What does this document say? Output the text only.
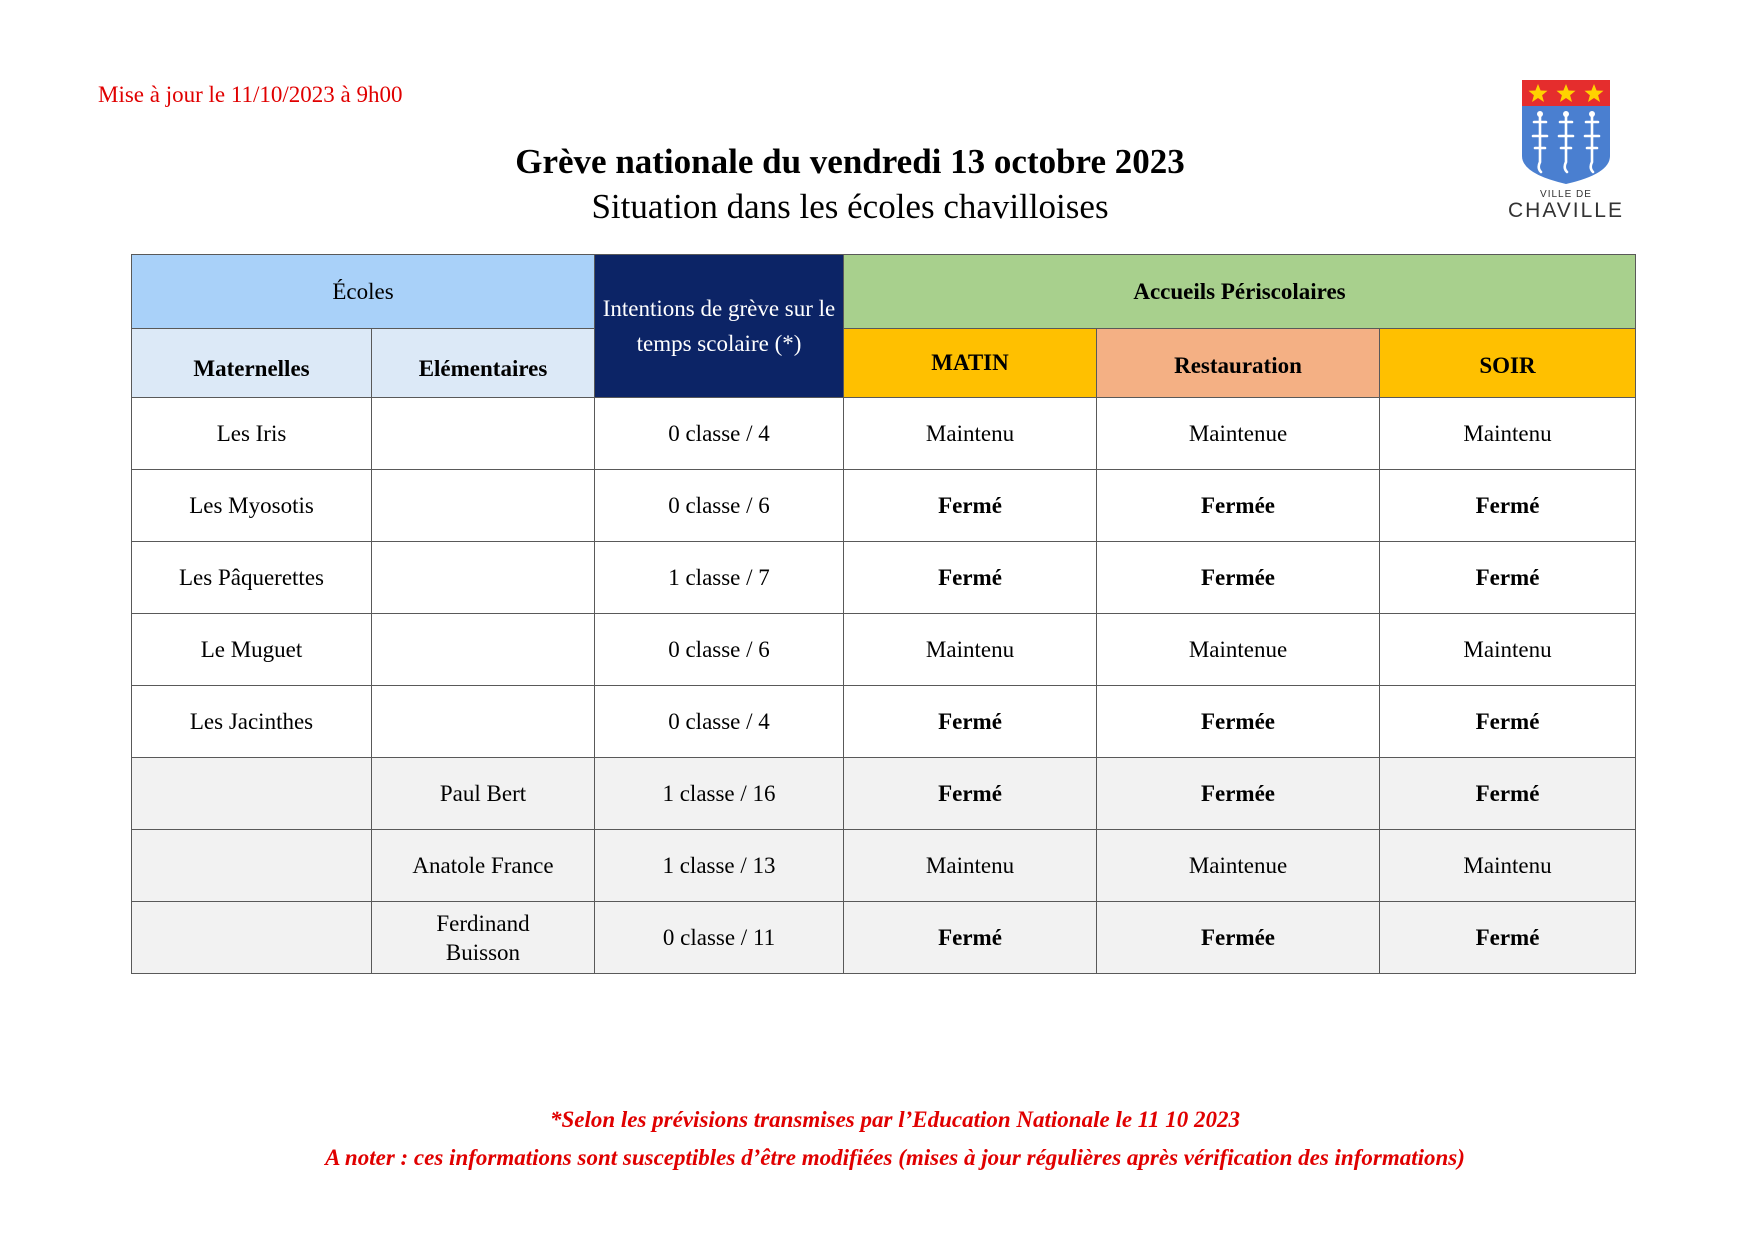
Mise à jour le 11/10/2023 à 9h00
Grève nationale du vendredi 13 octobre 2023
Situation dans les écoles chavilloises	VILLE DE
CHAVILLE
Écoles		Intentions de grève sur le temps scolaire (*)	Accueils Périscolaires		
Maternelles	Elémentaires		MATIN	Restauration	SOIR
Les Iris		0 classe / 4	Maintenu	Maintenue	Maintenu
Les Myosotis		0 classe / 6	Fermé	Fermée	Fermé
Les Pâquerettes		1 classe / 7	Fermé	Fermée	Fermé
Le Muguet		0 classe / 6	Maintenu	Maintenue	Maintenu
Les Jacinthes		0 classe / 4	Fermé	Fermée	Fermé
	Paul Bert	1 classe / 16	Fermé	Fermée	Fermé
	Anatole France	1 classe / 13	Maintenu	Maintenue	Maintenu
	Ferdinand Buisson	0 classe / 11	Fermé	Fermée	Fermé
*Selon les prévisions transmises par l’Education Nationale le 11 10 2023
A noter : ces informations sont susceptibles d’être modifiées (mises à jour régulières après vérification des informations)
